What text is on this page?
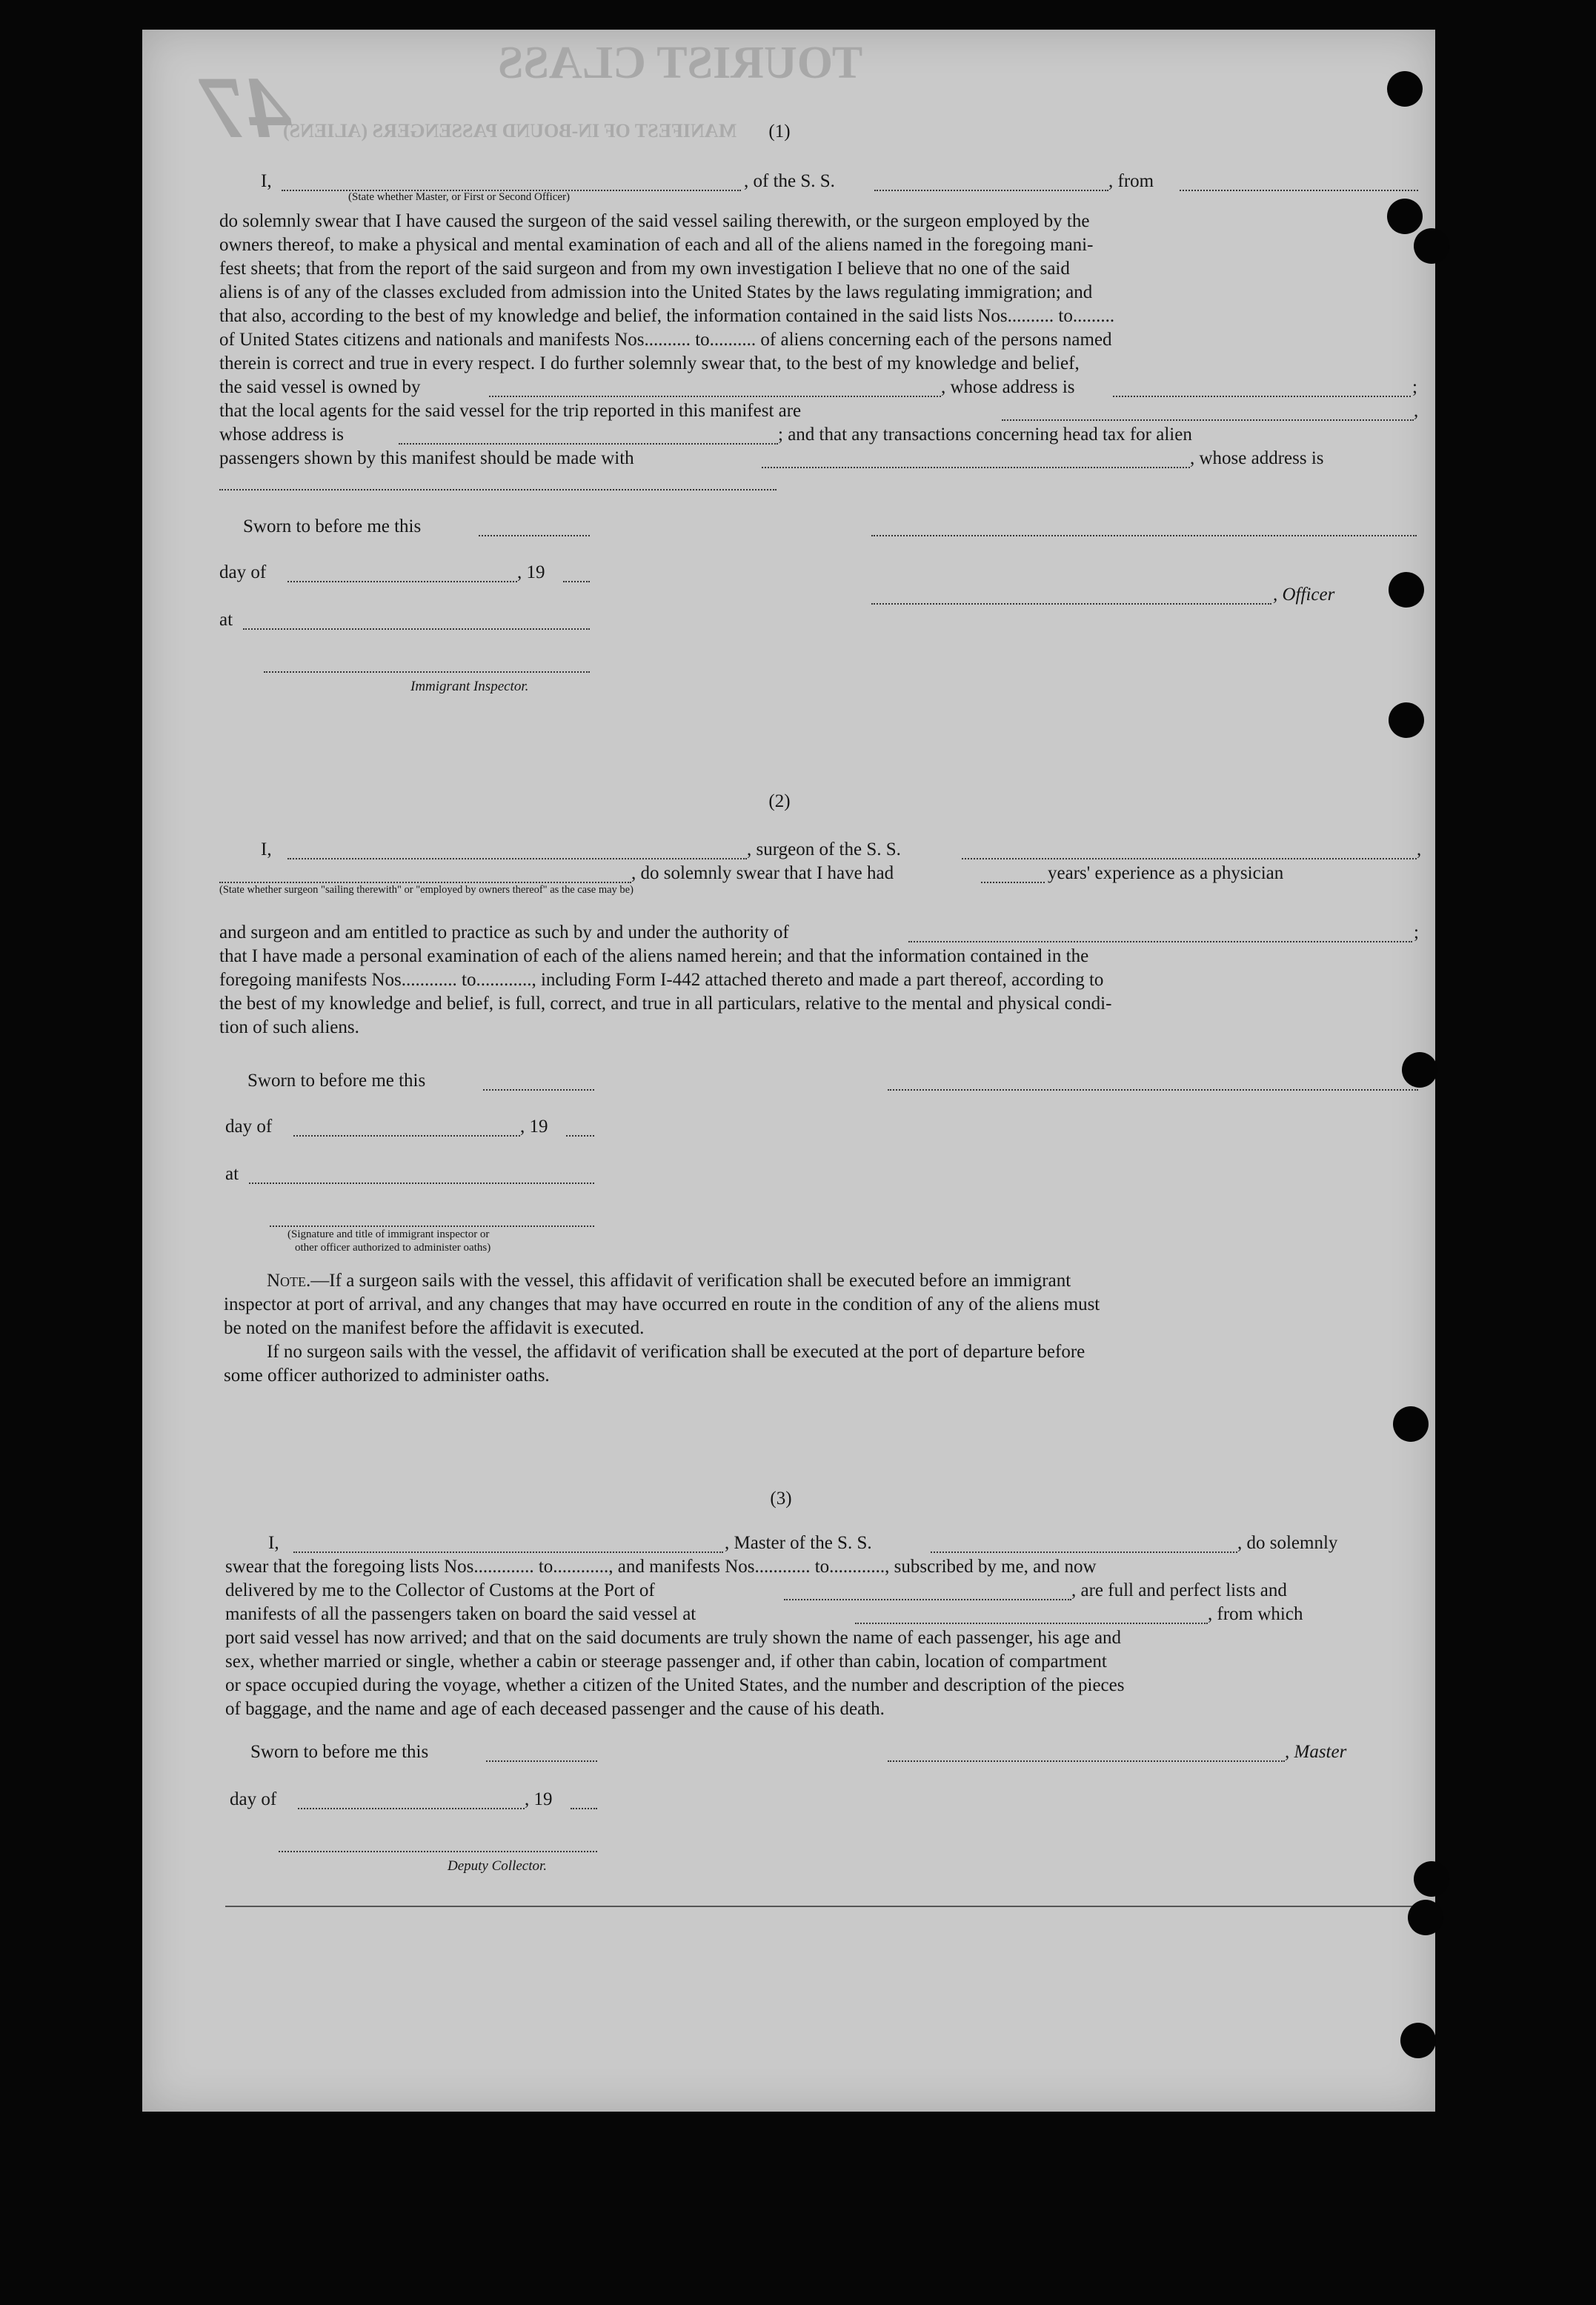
TOURIST CLASS
MANIFEST OF IN-BOUND PASSENGERS (ALIENS)
47	(1)
I,	, of the S. S.	, from
(State whether Master, or First or Second Officer)
do solemnly swear that I have caused the surgeon of the said vessel sailing therewith, or the surgeon employed by the
owners thereof, to make a physical and mental examination of each and all of the aliens named in the foregoing mani-
fest sheets; that from the report of the said surgeon and from my own investigation I believe that no one of the said
aliens is of any of the classes excluded from admission into the United States by the laws regulating immigration; and
that also, according to the best of my knowledge and belief, the information contained in the said lists Nos.......... to.........
of United States citizens and nationals and manifests Nos.......... to.......... of aliens concerning each of the persons named
therein is correct and true in every respect. I do further solemnly swear that, to the best of my knowledge and belief,
the said vessel is owned by	, whose address is	;
that the local agents for the said vessel for the trip reported in this manifest are	,
whose address is	; and that any transactions concerning head tax for alien
passengers shown by this manifest should be made with	, whose address is
Sworn to before me this
day of	, 19
, Officer
at
Immigrant Inspector.
(2)
I,	, surgeon of the S. S.	,
, do solemnly swear that I have had	years' experience as a physician
(State whether surgeon "sailing therewith" or "employed by owners thereof" as the case may be)
and surgeon and am entitled to practice as such by and under the authority of	;
that I have made a personal examination of each of the aliens named herein; and that the information contained in the
foregoing manifests Nos............ to............, including Form I-442 attached thereto and made a part thereof, according to
the best of my knowledge and belief, is full, correct, and true in all particulars, relative to the mental and physical condi-
tion of such aliens.
Sworn to before me this
day of	, 19
at
(Signature and title of immigrant inspector or
other officer authorized to administer oaths)
Note.—If a surgeon sails with the vessel, this affidavit of verification shall be executed before an immigrant
inspector at port of arrival, and any changes that may have occurred en route in the condition of any of the aliens must
be noted on the manifest before the affidavit is executed.
If no surgeon sails with the vessel, the affidavit of verification shall be executed at the port of departure before
some officer authorized to administer oaths.
(3)
I,	, Master of the S. S.	, do solemnly
swear that the foregoing lists Nos............. to............, and manifests Nos............ to............, subscribed by me, and now
delivered by me to the Collector of Customs at the Port of	, are full and perfect lists and
manifests of all the passengers taken on board the said vessel at	, from which
port said vessel has now arrived; and that on the said documents are truly shown the name of each passenger, his age and
sex, whether married or single, whether a cabin or steerage passenger and, if other than cabin, location of compartment
or space occupied during the voyage, whether a citizen of the United States, and the number and description of the pieces
of baggage, and the name and age of each deceased passenger and the cause of his death.
Sworn to before me this	, Master
day of	, 19
Deputy Collector.
